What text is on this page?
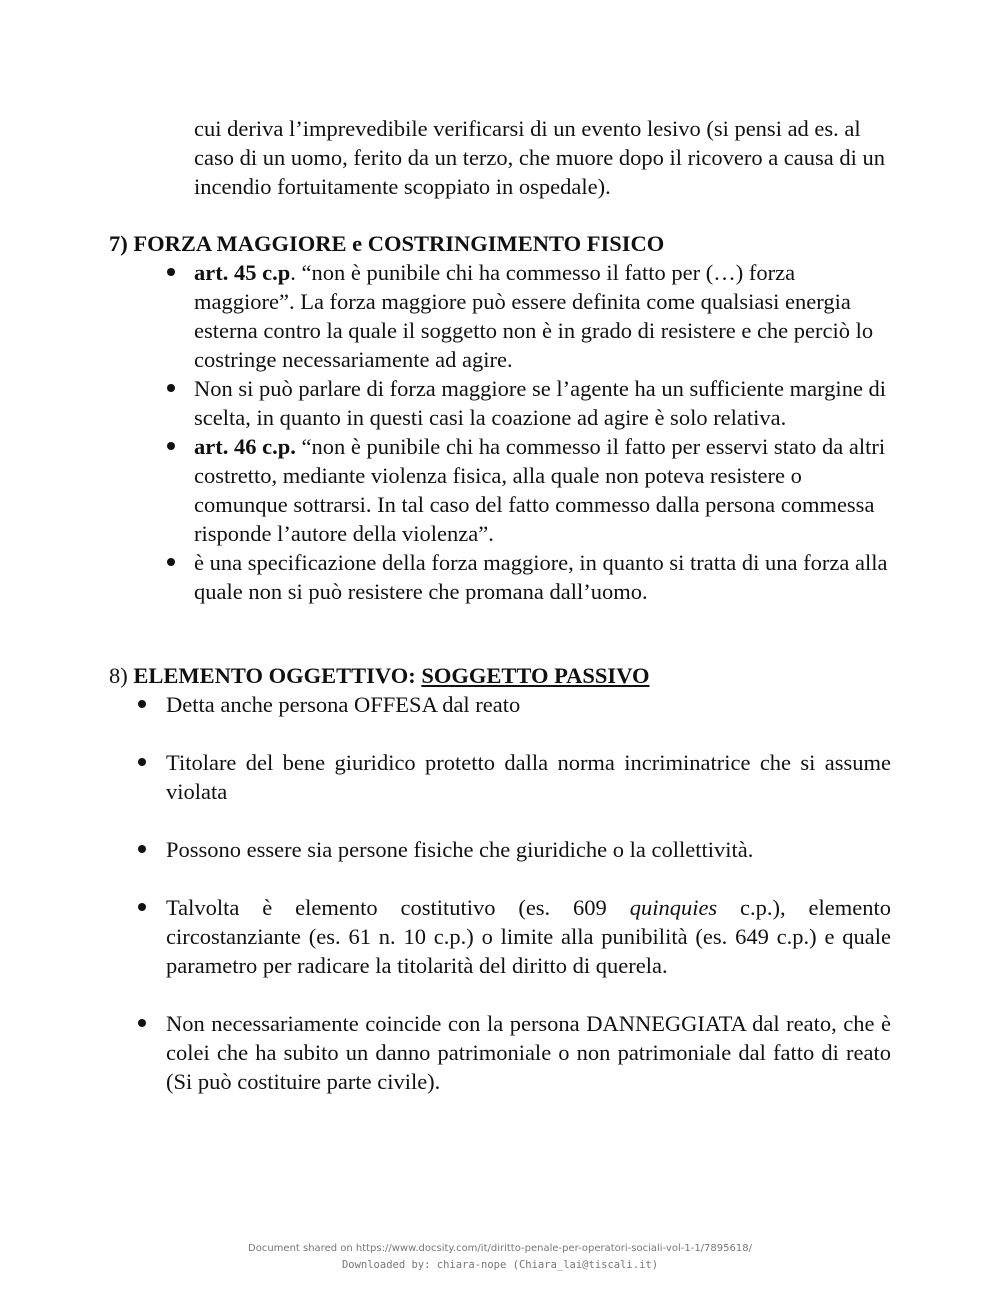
cui deriva l’imprevedibile verificarsi di un evento lesivo (si pensi ad es. al caso di un uomo, ferito da un terzo, che muore dopo il ricovero a causa di un incendio fortuitamente scoppiato in ospedale).
7) FORZA MAGGIORE e COSTRINGIMENTO FISICO
art. 45 c.p. “non è punibile chi ha commesso il fatto per (…) forza maggiore”. La forza maggiore può essere definita come qualsiasi energia esterna contro la quale il soggetto non è in grado di resistere e che perciò lo costringe necessariamente ad agire.
Non si può parlare di forza maggiore se l’agente ha un sufficiente margine di scelta, in quanto in questi casi la coazione ad agire è solo relativa.
art. 46 c.p. “non è punibile chi ha commesso il fatto per esservi stato da altri costretto, mediante violenza fisica, alla quale non poteva resistere o comunque sottrarsi. In tal caso del fatto commesso dalla persona commessa risponde l’autore della violenza”.
è una specificazione della forza maggiore, in quanto si tratta di una forza alla quale non si può resistere che promana dall’uomo.
8) ELEMENTO OGGETTIVO: SOGGETTO PASSIVO
Detta anche persona OFFESA dal reato
Titolare del bene giuridico protetto dalla norma incriminatrice che si assume violata
Possono essere sia persone fisiche che giuridiche o la collettività.
Talvolta è elemento costitutivo (es. 609 quinquies c.p.), elemento circostanziante (es. 61 n. 10 c.p.) o limite alla punibilità (es. 649 c.p.) e quale parametro per radicare la titolarità del diritto di querela.
Non necessariamente coincide con la persona DANNEGGIATA dal reato, che è colei che ha subito un danno patrimoniale o non patrimoniale dal fatto di reato (Si può costituire parte civile).
Document shared on https://www.docsity.com/it/diritto-penale-per-operatori-sociali-vol-1-1/7895618/
Downloaded by: chiara-nope (Chiara_lai@tiscali.it)
